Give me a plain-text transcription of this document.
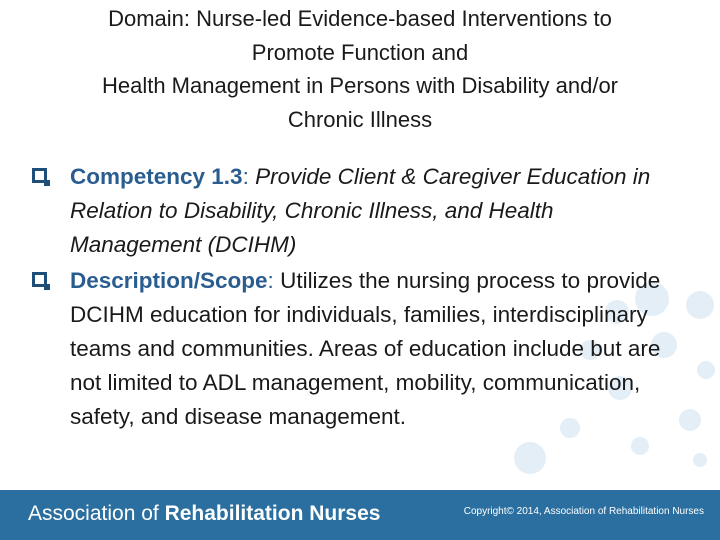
Domain: Nurse-led Evidence-based Interventions to
Promote Function and
Health Management in Persons with Disability and/or
Chronic Illness
Competency 1.3: Provide Client & Caregiver Education in Relation to Disability, Chronic Illness, and Health Management (DCIHM)
Description/Scope: Utilizes the nursing process to provide DCIHM education for individuals, families, interdisciplinary teams and communities. Areas of education include but are not limited to ADL management, mobility, communication, safety, and disease management.
Association of Rehabilitation Nurses	Copyright© 2014, Association of Rehabilitation Nurses
